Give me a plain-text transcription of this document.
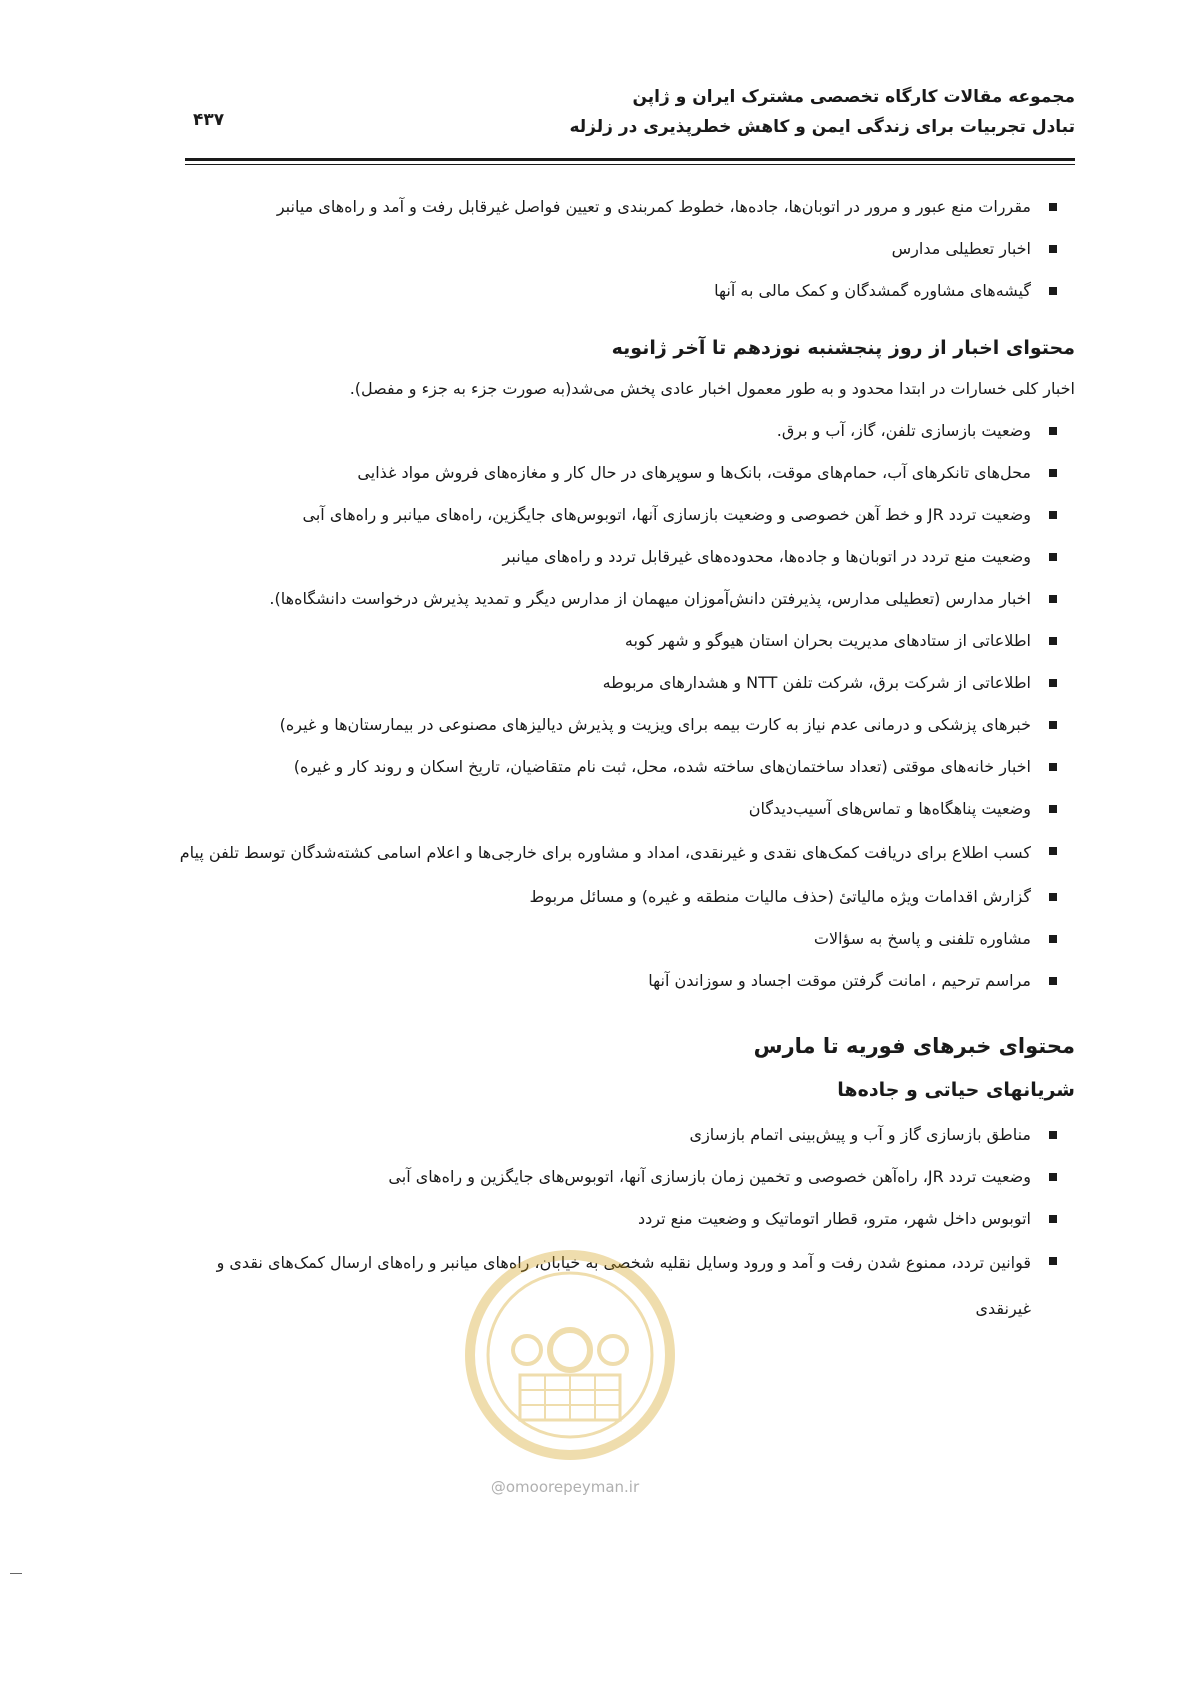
مجموعه مقالات کارگاه تخصصی مشترک ایران و ژاپن
تبادل تجربیات برای زندگی ایمن و کاهش خطرپذیری در زلزله
۴۳۷
مقررات منع عبور و مرور در اتوبان‌ها، جاده‌ها، خطوط کمربندی و تعیین فواصل غیرقابل رفت و آمد و راه‌های میانبر
اخبار تعطیلی مدارس
گیشه‌های مشاوره گمشدگان و کمک مالی به آنها
محتوای اخبار از روز پنجشنبه نوزدهم تا آخر ژانویه
اخبار کلی خسارات در ابتدا محدود و به طور معمول اخبار عادی پخش می‌شد(به صورت جزء به جزء و مفصل).
وضعیت بازسازی تلفن، گاز، آب و برق.
محل‌های تانکرهای آب، حمام‌های موقت، بانک‌ها و سوپرهای در حال کار و مغازه‌های فروش مواد غذایی
وضعیت تردد JR و خط آهن خصوصی و وضعیت بازسازی آنها، اتوبوس‌های جایگزین، راه‌های میانبر و راه‌های آبی
وضعیت منع تردد در اتوبان‌ها و جاده‌ها، محدوده‌های غیرقابل تردد و راه‌های میانبر
اخبار مدارس (تعطیلی مدارس، پذیرفتن دانش‌آموزان میهمان از مدارس دیگر و تمدید پذیرش درخواست دانشگاه‌ها).
اطلاعاتی از ستادهای مدیریت بحران استان هیوگو و شهر کوبه
اطلاعاتی از شرکت برق، شرکت تلفن NTT و هشدارهای مربوطه
خبرهای پزشکی و درمانی عدم نیاز به کارت بیمه برای ویزیت و پذیرش دیالیزهای مصنوعی در بیمارستان‌ها و غیره)
اخبار خانه‌های موقتی (تعداد ساختمان‌های ساخته شده، محل، ثبت نام متقاضیان، تاریخ اسکان و روند کار و غیره)
وضعیت پناهگاه‌ها و تماس‌های آسیب‌دیدگان
کسب اطلاع برای دریافت کمک‌های نقدی و غیرنقدی، امداد و مشاوره برای خارجی‌ها و اعلام اسامی کشته‌شدگان توسط تلفن پیام
گزارش اقدامات ویژه مالیاتیٔ (حذف مالیات منطقه و غیره) و مسائل مربوط
مشاوره تلفنی و پاسخ به سؤالات
مراسم ترحیم ، امانت گرفتن موقت اجساد و سوزاندن آنها
محتوای خبرهای فوریه تا مارس
شریانهای حیاتی و جاده‌ها
مناطق بازسازی گاز و آب و پیش‌بینی اتمام بازسازی
وضعیت تردد JR، راه‌آهن خصوصی و تخمین زمان بازسازی آنها، اتوبوس‌های جایگزین و راه‌های آبی
اتوبوس داخل شهر، مترو، قطار اتوماتیک و وضعیت منع تردد
قوانین تردد، ممنوع شدن رفت و آمد و ورود وسایل نقلیه شخصی به خیابان، راه‌های میانبر و راه‌های ارسال کمک‌های نقدی و غیرنقدی
@omoorepeyman.ir
